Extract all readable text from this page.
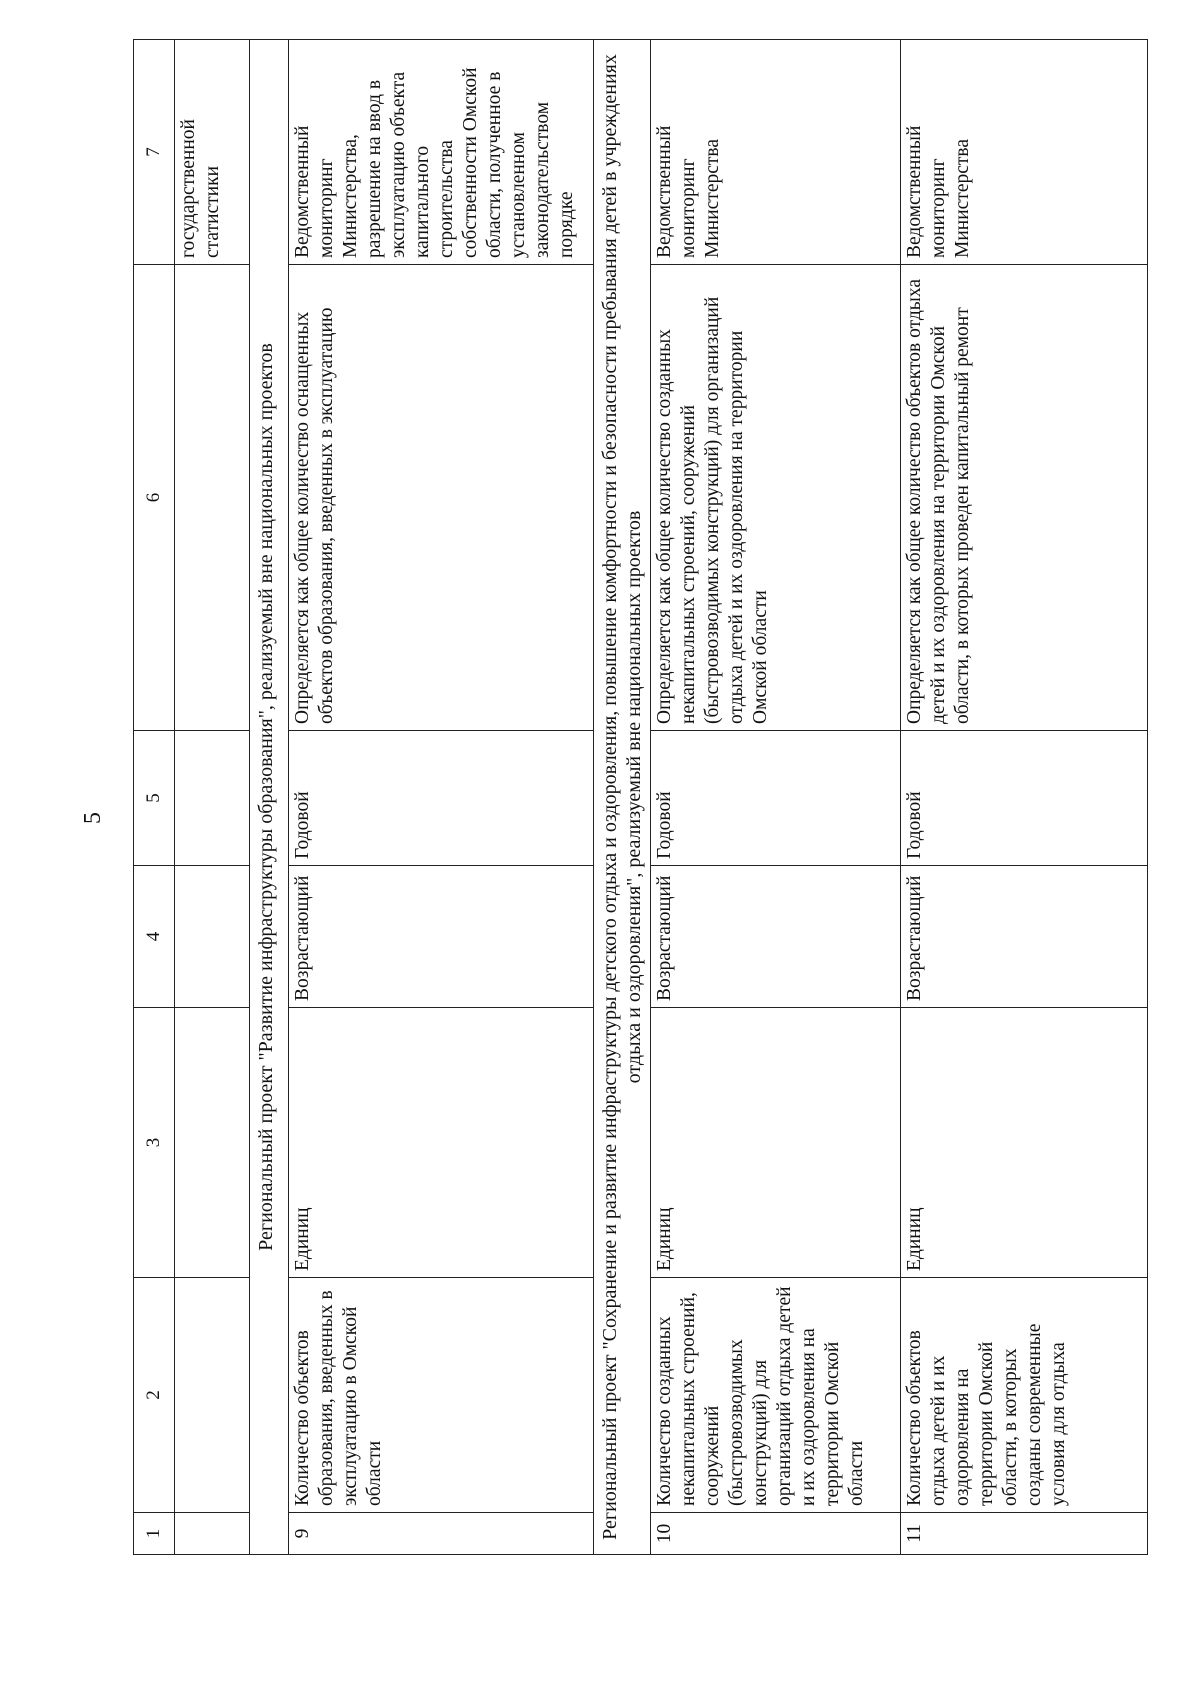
5
1	2	3	4	5	6	7
						государственной статистики
Региональный проект "Развитие инфраструктуры образования", реализуемый вне национальных проектов						
9	Количество объектов образования, введенных в эксплуатацию в Омской области	Единиц	Возрастающий	Годовой	Определяется как общее количество оснащенных объектов образования, введенных в эксплуатацию	Ведомственный мониторинг Министерства, разрешение на ввод в эксплуатацию объекта капитального строительства собственности Омской области, полученное в установленном законодательством порядке
Региональный проект "Сохранение и развитие инфраструктуры детского отдыха и оздоровления, повышение комфортности и безопасности пребывания детей в учреждениях отдыха и оздоровления", реализуемый вне национальных проектов						
10	Количество созданных некапитальных строений, сооружений (быстровозводимых конструкций) для организаций отдыха детей и их оздоровления на территории Омской области	Единиц	Возрастающий	Годовой	Определяется как общее количество созданных некапитальных строений, сооружений (быстровозводимых конструкций) для организаций отдыха детей и их оздоровления на территории Омской области	Ведомственный мониторинг Министерства
11	Количество объектов отдыха детей и их оздоровления на территории Омской области, в которых созданы современные условия для отдыха	Единиц	Возрастающий	Годовой	Определяется как общее количество объектов отдыха детей и их оздоровления на территории Омской области, в которых проведен капитальный ремонт	Ведомственный мониторинг Министерства
